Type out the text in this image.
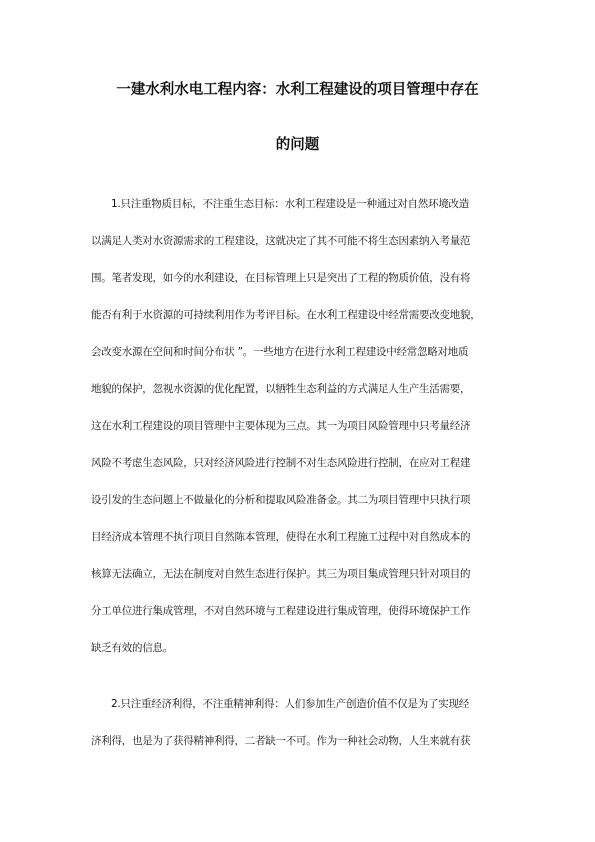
一建水利水电工程内容：水利工程建设的项目管理中存在
的问题
1.只注重物质目标，不注重生态目标：水利工程建设是一种通过对自然环境改造
以满足人类对水资源需求的工程建设，这就决定了其不可能不将生态因素纳入考量范
围。笔者发现，如今的水利建设，在目标管理上只是突出了工程的物质价值，没有将
能否有利于水资源的可持续利用作为考评目标。在水利工程建设中经常需要改变地貌，
会改变水源在空间和时间分布状 ”。一些地方在进行水利工程建设中经常忽略对地质
地貌的保护，忽视水资源的优化配置，以牺牲生态利益的方式满足人生产生活需要，
这在水利工程建设的项目管理中主要体现为三点。其一为项目风险管理中只考量经济
风险不考虑生态风险，只对经济风险进行控制不对生态风险进行控制，在应对工程建
设引发的生态问题上不做量化的分析和提取风险准备金。其二为项目管理中只执行项
目经济成本管理不执行项目自然陈本管理，使得在水利工程施工过程中对自然成本的
核算无法确立，无法在制度对自然生态进行保护。其三为项目集成管理只针对项目的
分工单位进行集成管理，不对自然环境与工程建设进行集成管理，使得环境保护工作
缺乏有效的信息。
2.只注重经济利得，不注重精神利得：人们参加生产创造价值不仅是为了实现经
济利得，也是为了获得精神利得，二者缺一不可。作为一种社会动物，人生来就有获
